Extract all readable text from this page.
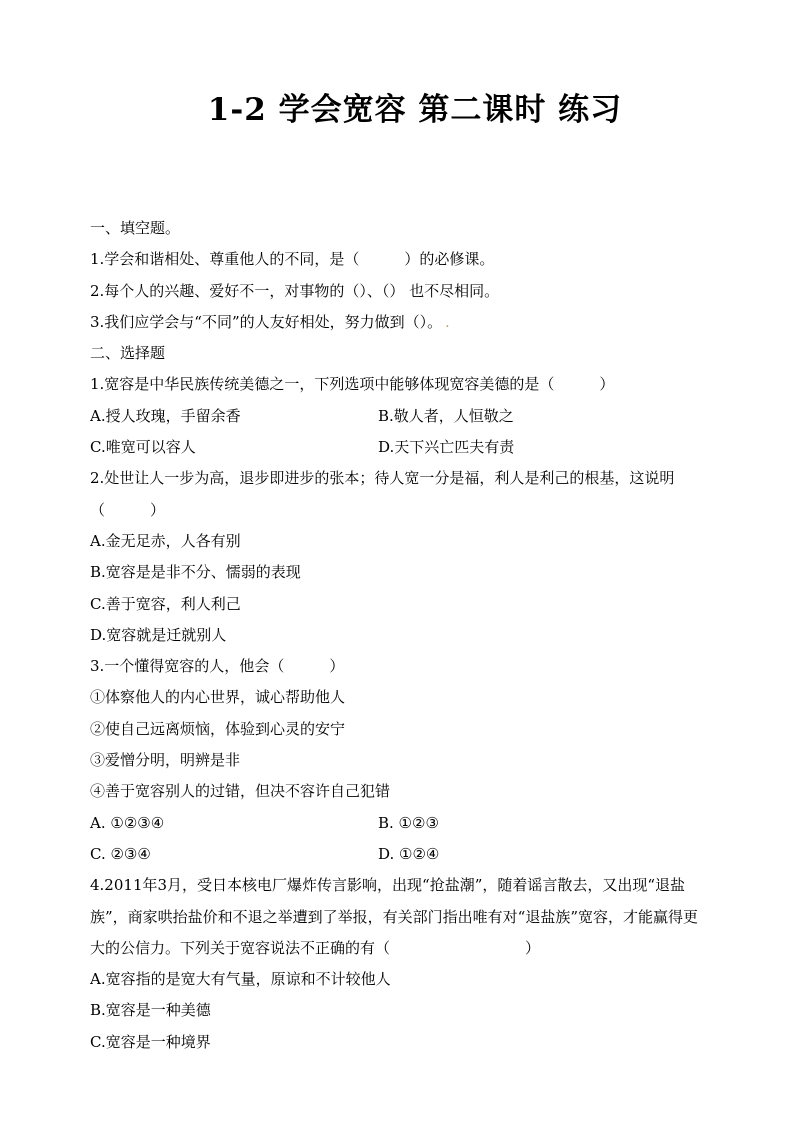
1-2 学会宽容 第二课时 练习
一、填空题。
1.学会和谐相处、尊重他人的不同，是（　　　）的必修课。
2.每个人的兴趣、爱好不一，对事物的（）、（） 也不尽相同。
3.我们应学会与“不同”的人友好相处，努力做到（）。 .
二、选择题
1.宽容是中华民族传统美德之一，下列选项中能够体现宽容美德的是（　　　）
A.授人玫瑰，手留余香	B.敬人者，人恒敬之
C.唯宽可以容人	D.天下兴亡匹夫有责
2.处世让人一步为高，退步即进步的张本；待人宽一分是福，利人是利己的根基，这说明（　　　）
A.金无足赤，人各有别
B.宽容是是非不分、懦弱的表现
C.善于宽容，利人利己
D.宽容就是迁就别人
3.一个懂得宽容的人，他会（　　　）
①体察他人的内心世界，诚心帮助他人
②使自己远离烦恼，体验到心灵的安宁
③爱憎分明，明辨是非
④善于宽容别人的过错，但决不容许自己犯错
A. ①②③④	B. ①②③
C. ②③④	D. ①②④
4.2011年3月，受日本核电厂爆炸传言影响，出现“抢盐潮”，随着谣言散去，又出现“退盐族”，商家哄抬盐价和不退之举遭到了举报，有关部门指出唯有对“退盐族”宽容，才能赢得更大的公信力。下列关于宽容说法不正确的有（　　　　　　　　　）
A.宽容指的是宽大有气量，原谅和不计较他人
B.宽容是一种美德
C.宽容是一种境界
